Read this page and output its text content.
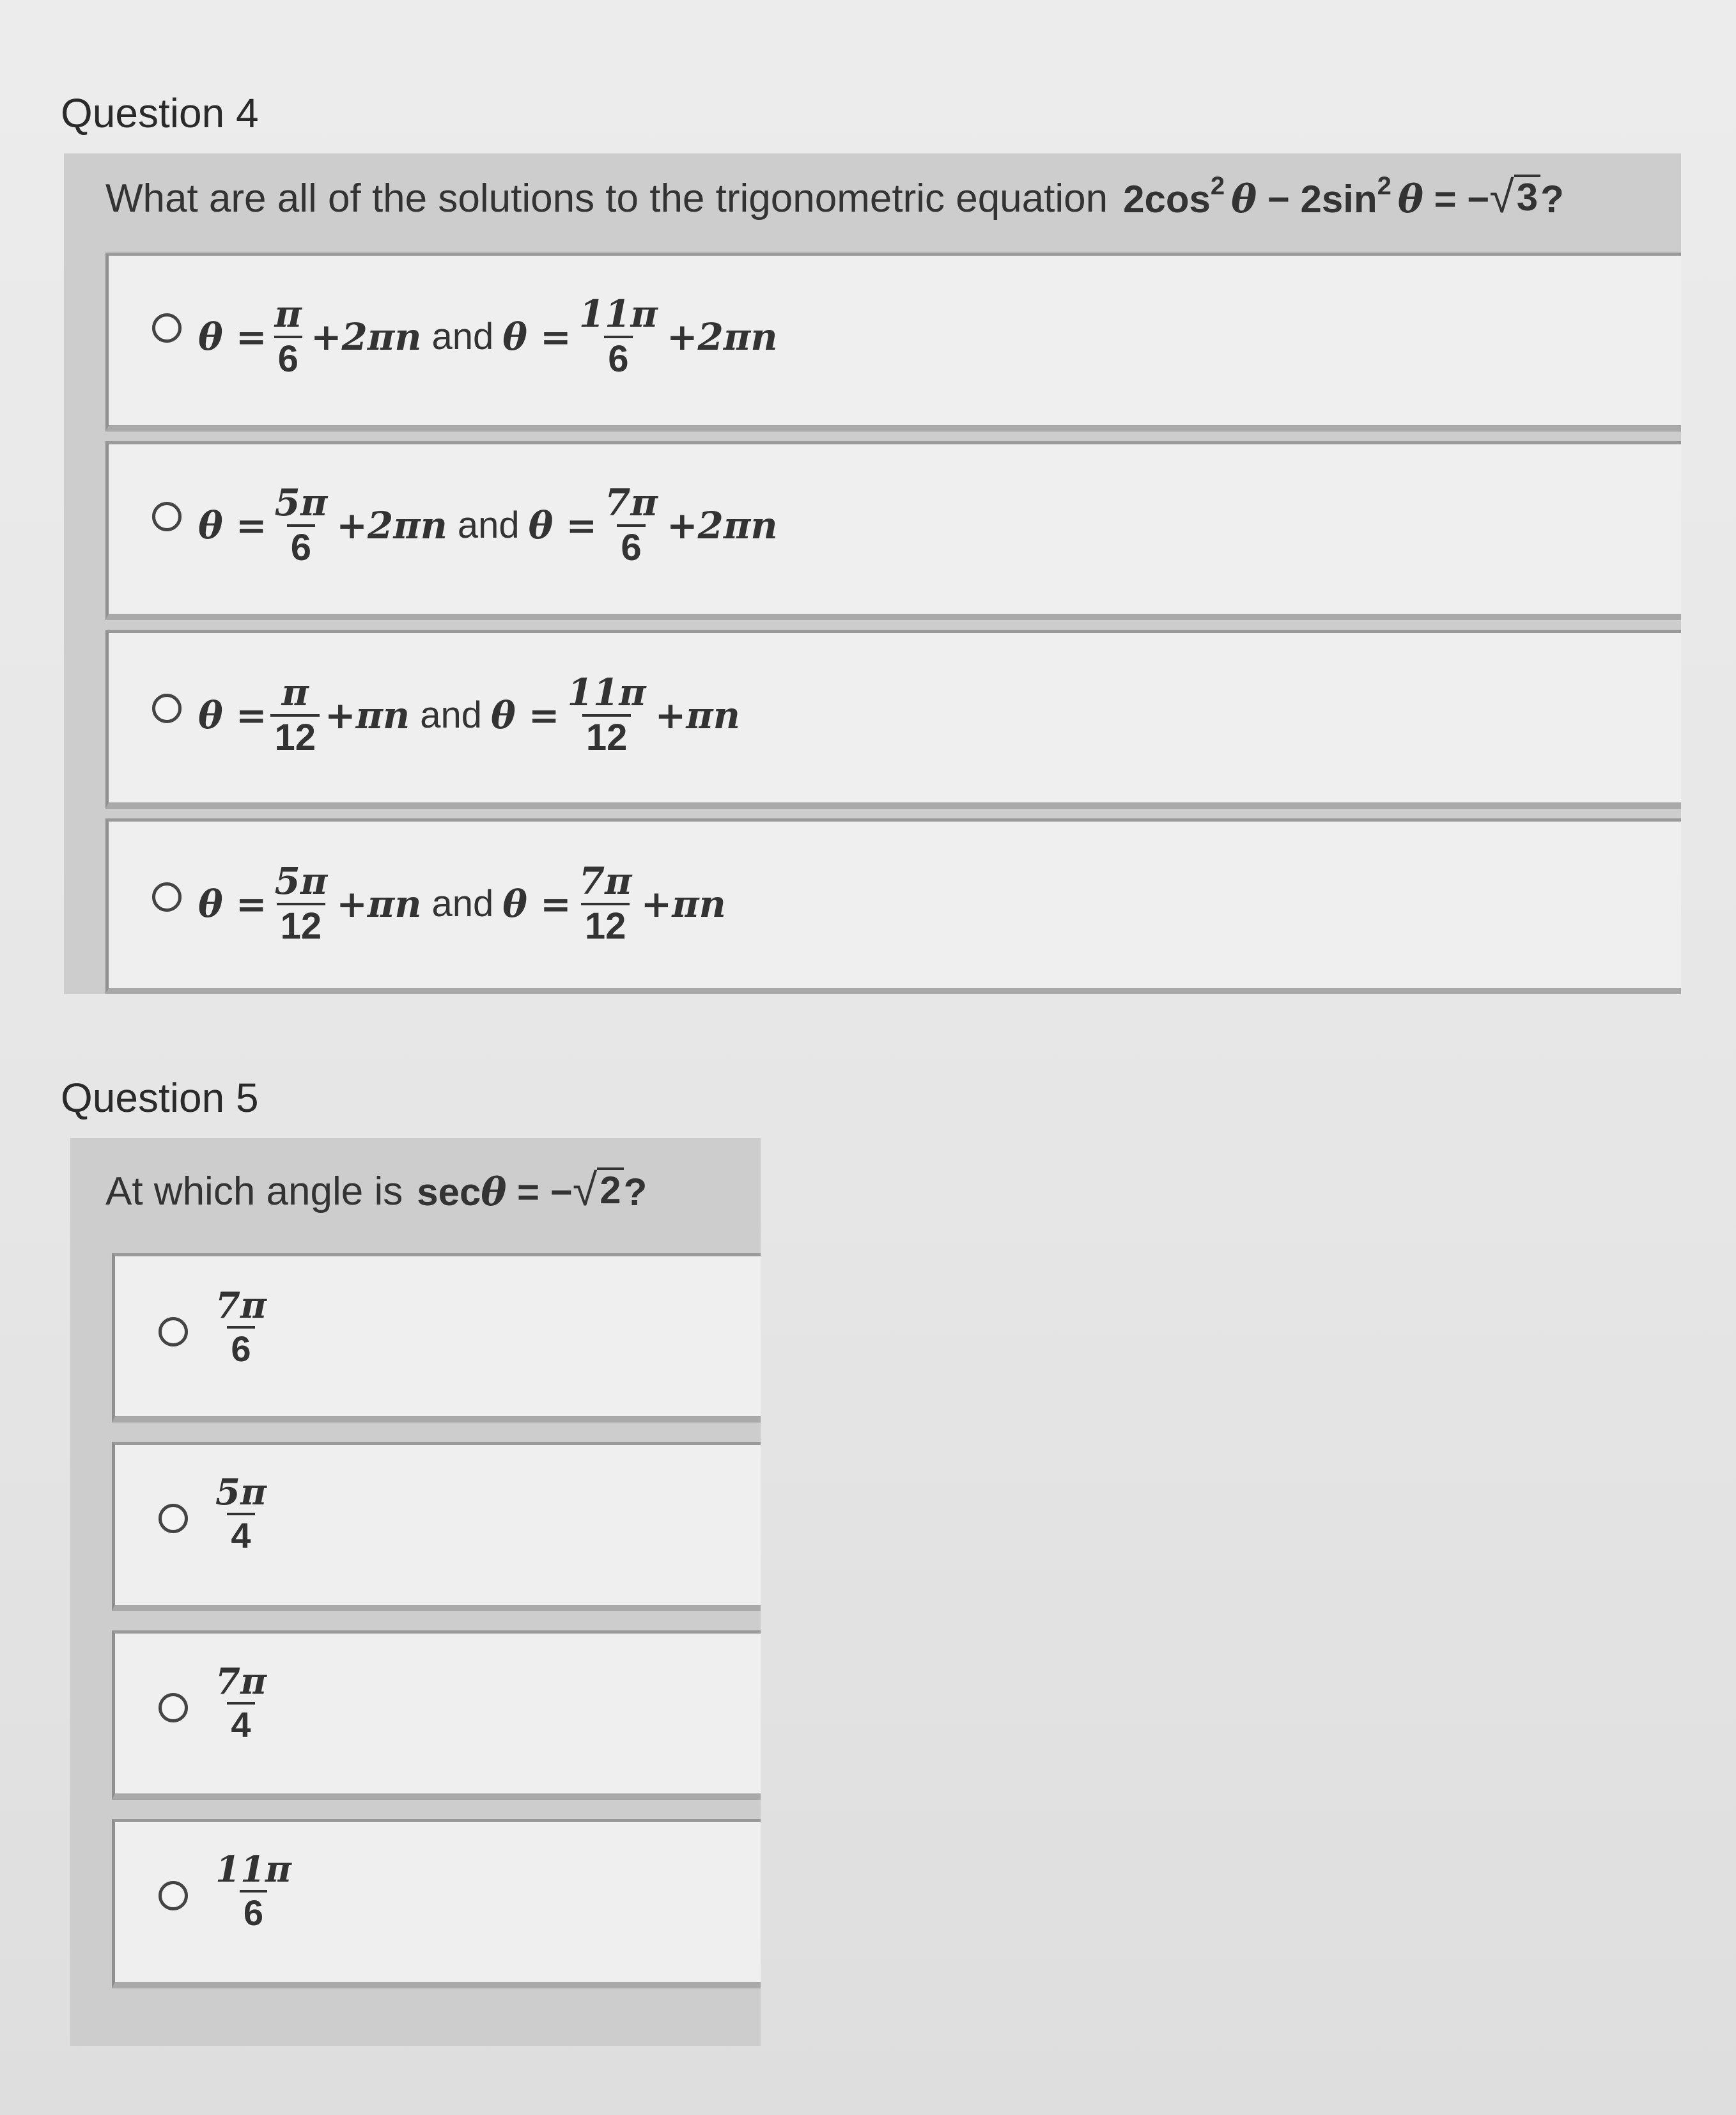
Question 4
What are all of the solutions to the trigonometric equation $2\cos^2$ $\theta - 2\sin^2$ θ = − √ 3 ?
$\theta = \frac{\pi}{6} +2\pi n$ and $\theta = \frac{11\pi}{6} +2\pi n$
$\theta = \frac{5\pi}{6} +2\pi n$ and $\theta = \frac{7\pi}{6} +2\pi n$
$\theta = \frac{\pi}{12} +\pi n$ and $\theta = \frac{11\pi}{12} +\pi n$
$\theta = \frac{5\pi}{12} +\pi n$ and $\theta = \frac{7\pi}{12} +\pi n$
Question 5
At which angle is secθ = − √ 2 ?
$\frac{7\pi}{6}$
$\frac{5\pi}{4}$
$\frac{7\pi}{4}$
$\frac{11\pi}{6}$
